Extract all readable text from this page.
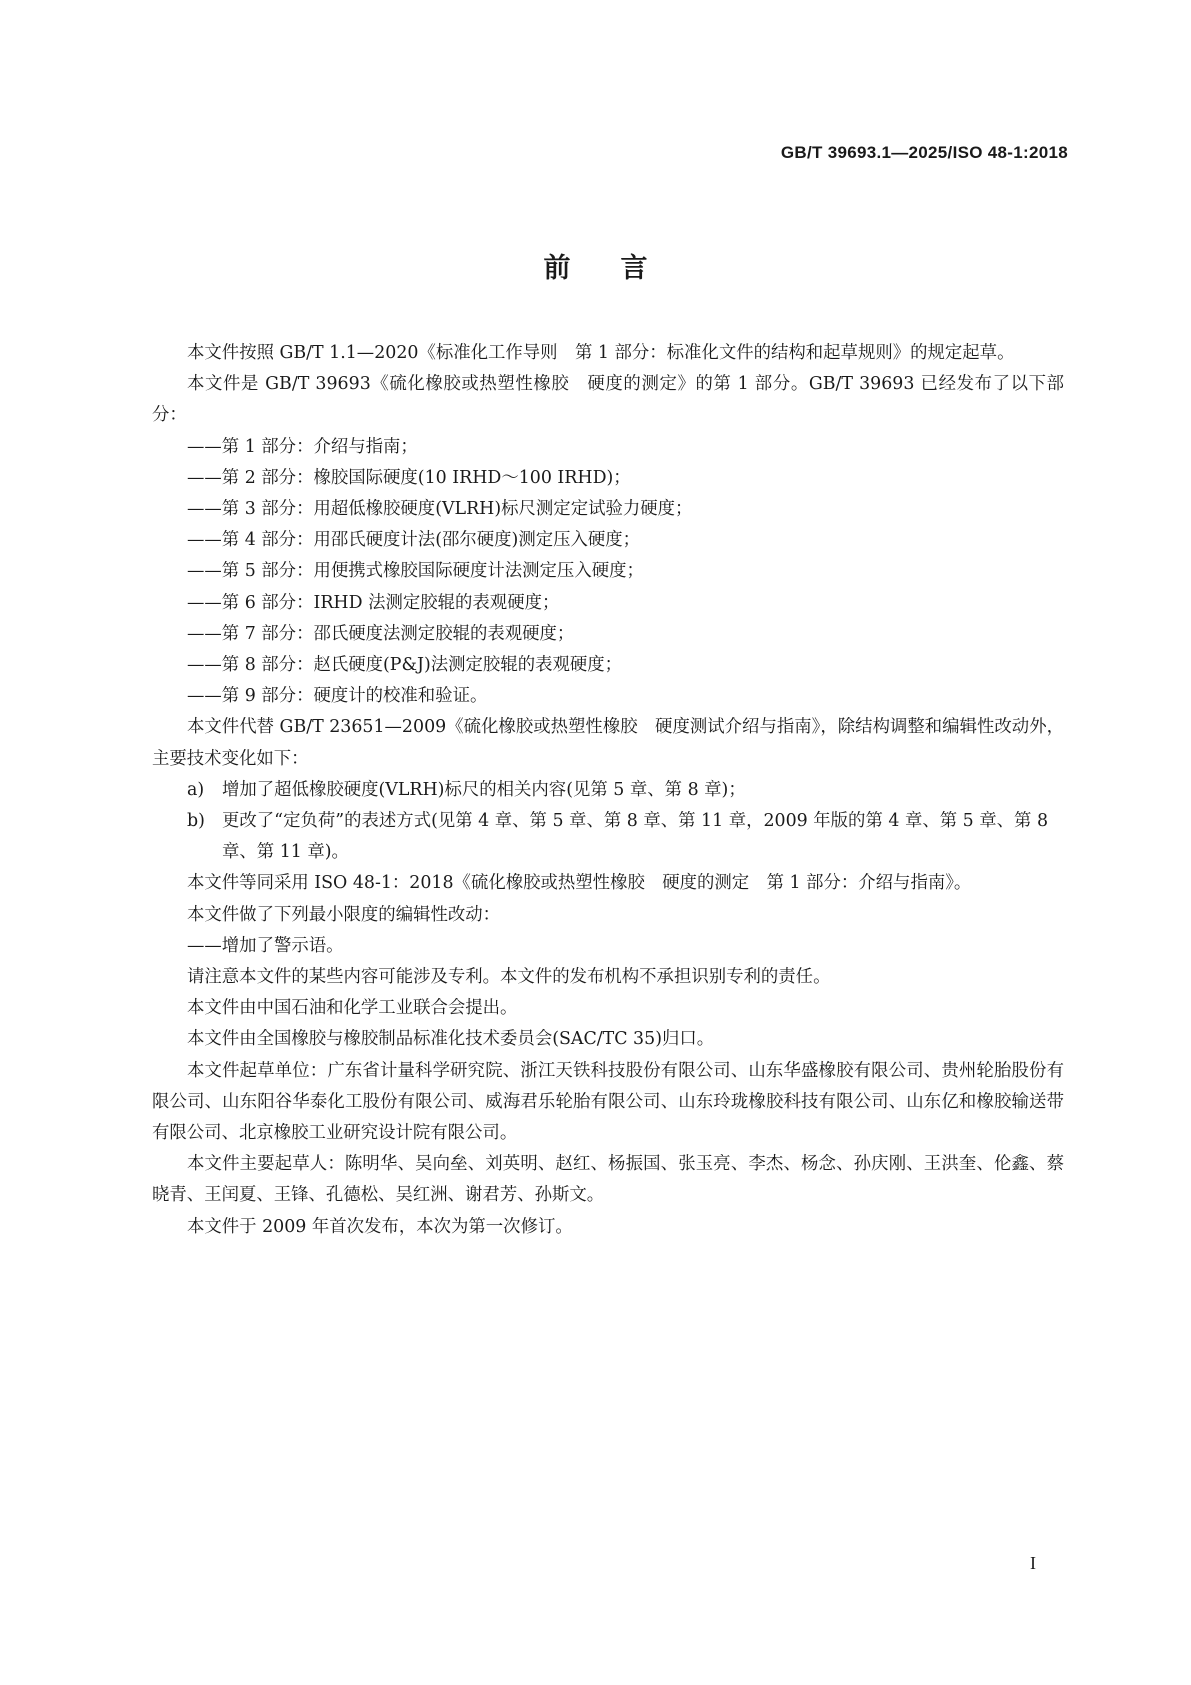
GB/T 39693.1—2025/ISO 48-1:2018
前言

本文件按照 GB/T 1.1—2020《标准化工作导则　第 1 部分：标准化文件的结构和起草规则》的规定起草。

本文件是 GB/T 39693《硫化橡胶或热塑性橡胶　硬度的测定》的第 1 部分。GB/T 39693 已经发布了以下部分：

——第 1 部分：介绍与指南；

——第 2 部分：橡胶国际硬度(10 IRHD～100 IRHD)；

——第 3 部分：用超低橡胶硬度(VLRH)标尺测定定试验力硬度；

——第 4 部分：用邵氏硬度计法(邵尔硬度)测定压入硬度；

——第 5 部分：用便携式橡胶国际硬度计法测定压入硬度；

——第 6 部分：IRHD 法测定胶辊的表观硬度；

——第 7 部分：邵氏硬度法测定胶辊的表观硬度；

——第 8 部分：赵氏硬度(P&J)法测定胶辊的表观硬度；

——第 9 部分：硬度计的校准和验证。

本文件代替 GB/T 23651—2009《硫化橡胶或热塑性橡胶　硬度测试介绍与指南》，除结构调整和编辑性改动外，主要技术变化如下：

a) 增加了超低橡胶硬度(VLRH)标尺的相关内容(见第 5 章、第 8 章)；

b) 更改了“定负荷”的表述方式(见第 4 章、第 5 章、第 8 章、第 11 章，2009 年版的第 4 章、第 5 章、第 8 章、第 11 章)。

本文件等同采用 ISO 48-1：2018《硫化橡胶或热塑性橡胶　硬度的测定　第 1 部分：介绍与指南》。

本文件做了下列最小限度的编辑性改动：

——增加了警示语。

请注意本文件的某些内容可能涉及专利。本文件的发布机构不承担识别专利的责任。

本文件由中国石油和化学工业联合会提出。

本文件由全国橡胶与橡胶制品标准化技术委员会(SAC/TC 35)归口。

本文件起草单位：广东省计量科学研究院、浙江天铁科技股份有限公司、山东华盛橡胶有限公司、贵州轮胎股份有限公司、山东阳谷华泰化工股份有限公司、威海君乐轮胎有限公司、山东玲珑橡胶科技有限公司、山东亿和橡胶输送带有限公司、北京橡胶工业研究设计院有限公司。

本文件主要起草人：陈明华、吴向垒、刘英明、赵红、杨振国、张玉亮、李杰、杨念、孙庆刚、王洪奎、伦鑫、蔡晓青、王闰夏、王锋、孔德松、吴红洲、谢君芳、孙斯文。

本文件于 2009 年首次发布，本次为第一次修订。

I
